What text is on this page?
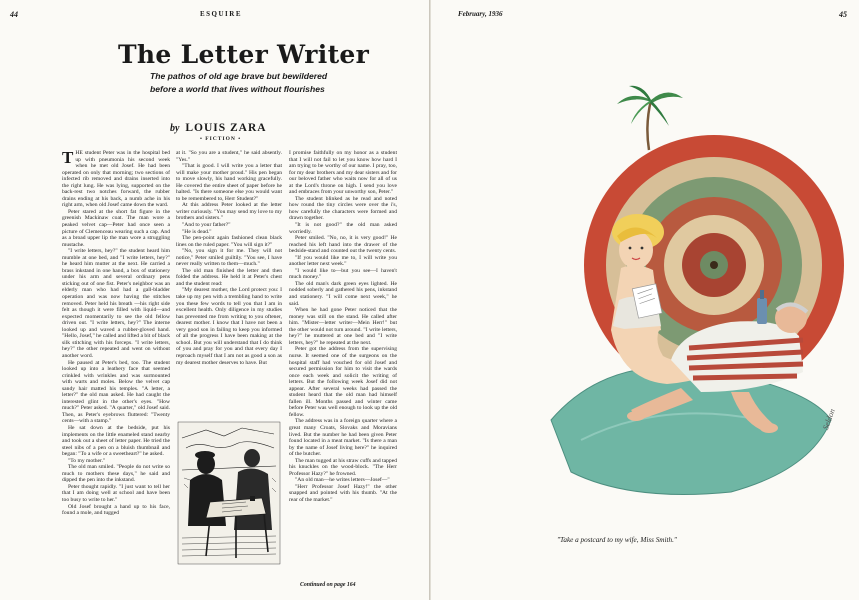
44	ESQUIRE
The Letter Writer
The pathos of old age brave but bewildered before a world that lives without flourishes
by LOUIS ZARA
• FICTION •

THE student Peter was in the hospital bed up with pneumonia his second week when he met old Josef. He had been operated on only that morning; two sections of infected rib removed and drains inserted into the right lung. He was lying, supported on the back-rest two notches forward, the rubber drains ending at his back, a numb ache in his right arm, when old Josef came down the ward.

Peter stared at the short fat figure in the greenish Mackinaw coat. The man wore a peaked velvet cap—Peter had once seen a picture of Clemenceau wearing such a cap. And as a broad upper lip the man wore a struggling mustache.

"I write letters, hey?" the student heard him mumble at one bed, and "I write letters, hey?" he heard him mutter at the next. He carried a brass inkstand in one hand, a box of stationery under his arm and several ordinary pens sticking out of one fist. Peter's neighbor was an elderly man who had had a gall-bladder operation and was now having the stitches removed. Peter held his breath —his right side felt as though it were filled with liquid—and expected momentarily to see the old fellow driven out. "I write letters, hey?" The interne looked up and waved a rubber-gloved hand. "Hello, Josef," he called and lifted a bit of black silk stitching with his forceps. "I write letters, hey?" the other repeated and went on without another word.

He paused at Peter's bed, too. The student looked up into a leathery face that seemed crinkled with wrinkles and was surmounted with warts and moles. Below the velvet cap sandy hair matted his temples. "A letter, a letter?" the old man asked. He had caught the interested glint in the other's eyes. "How much?" Peter asked. "A quarter," old Josef said. Then, as Peter's eyebrows fluttered: "Twenty cents—with a stamp."

He sat down at the bedside, put his implements on the little enameled stand nearby and took out a sheet of letter paper. He tried the steel nibs of a pen on a bluish thumbnail and began: "To a wife or a sweetheart?" he asked.

"To my mother."

The old man smiled. "People do not write so much to mothers these days," he said and dipped the pen into the inkstand.

Peter thought rapidly. "I just want to tell her that I am doing well at school and have been too busy to write to her."

Old Josef brought a hand up to his face, found a mole, and tugged

at it. "So you are a student," he said absently. "Yes."

"That is good. I will write you a letter that will make your mother proud." His pen began to move slowly, his hand working gracefully. He covered the entire sheet of paper before he halted. "Is there someone else you would want to be remembered to, Herr Student?"

At this address Peter looked at the letter writer curiously. "You may send my love to my brothers and sisters."

"And to your father?"

"He is dead."

The pen-point again fashioned clean black lines on the ruled paper. "You will sign it?"

"No, you sign it for me. They will not notice," Peter smiled guiltily. "You see, I have never really written to them—much."

The old man finished the letter and then folded the address. He held it at Peter's chest and the student read:

"My dearest mother, the Lord protect you: I take up my pen with a trembling hand to write you these few words to tell you that I am in excellent health. Only diligence in my studies has prevented me from writing to you oftener, dearest mother. I know that I have not been a very good son in failing to keep you informed of all the progress I have been making at the school. But you will understand that I do think of you and pray for you and that every day I reproach myself that I am not as good a son as my dearest mother deserves to have. But

I promise faithfully on my honor as a student that I will not fail to let you know how hard I am trying to be worthy of our name. I pray, too, for my dear brothers and my dear sisters and for our beloved father who waits now for all of us at the Lord's throne on high. I send you love and embraces from your unworthy son, Peter."

The student blinked as he read and noted how round the tiny circles were over the i's, how carefully the characters were formed and drawn together.

"It is not good?" the old man asked worriedly.

Peter smiled. "No, no, it is very good!" He reached his left hand into the drawer of the bedside-stand and counted out the twenty cents.

"If you would like me to, I will write you another letter next week."

"I would like to—but you see—I haven't much money."

The old man's dark green eyes lighted. He nodded soberly and gathered his pens, inkstand and stationery. "I will come next week," he said.

When he had gone Peter noticed that the money was still on the stand. He called after him. "Mister—letter writer—Mein Herr!" but the other would not turn around. "I write letters, hey?" he muttered at one bed and "I write letters, hey?" he repeated at the next.

Peter got the address from the supervising nurse. It seemed one of the surgeons on the hospital staff had vouched for old Josef and secured permission for him to visit the wards once each week and solicit the writing of letters. But the following week Josef did not appear. After several weeks had passed the student heard that the old man had himself fallen ill. Months passed and winter came before Peter was well enough to look up the old fellow.

The address was in a foreign quarter where a great many Croats, Slovaks and Moravians lived. But the number he had been given Peter found located in a meat market. "Is there a man by the name of Josef living here?" he inquired of the butcher.

The man tugged at his straw cuffs and tapped his knuckles on the wood-block. "The Herr Professor Hazy?" he frowned.

"An old man—he writes letters—Josef—"

"Herr Professor Josef Hazy!" the other snapped and pointed with his thumb. "At the rear of the market."

Continued on page 164
February, 1936	45
Seldon
"Take a postcard to my wife, Miss Smith."
